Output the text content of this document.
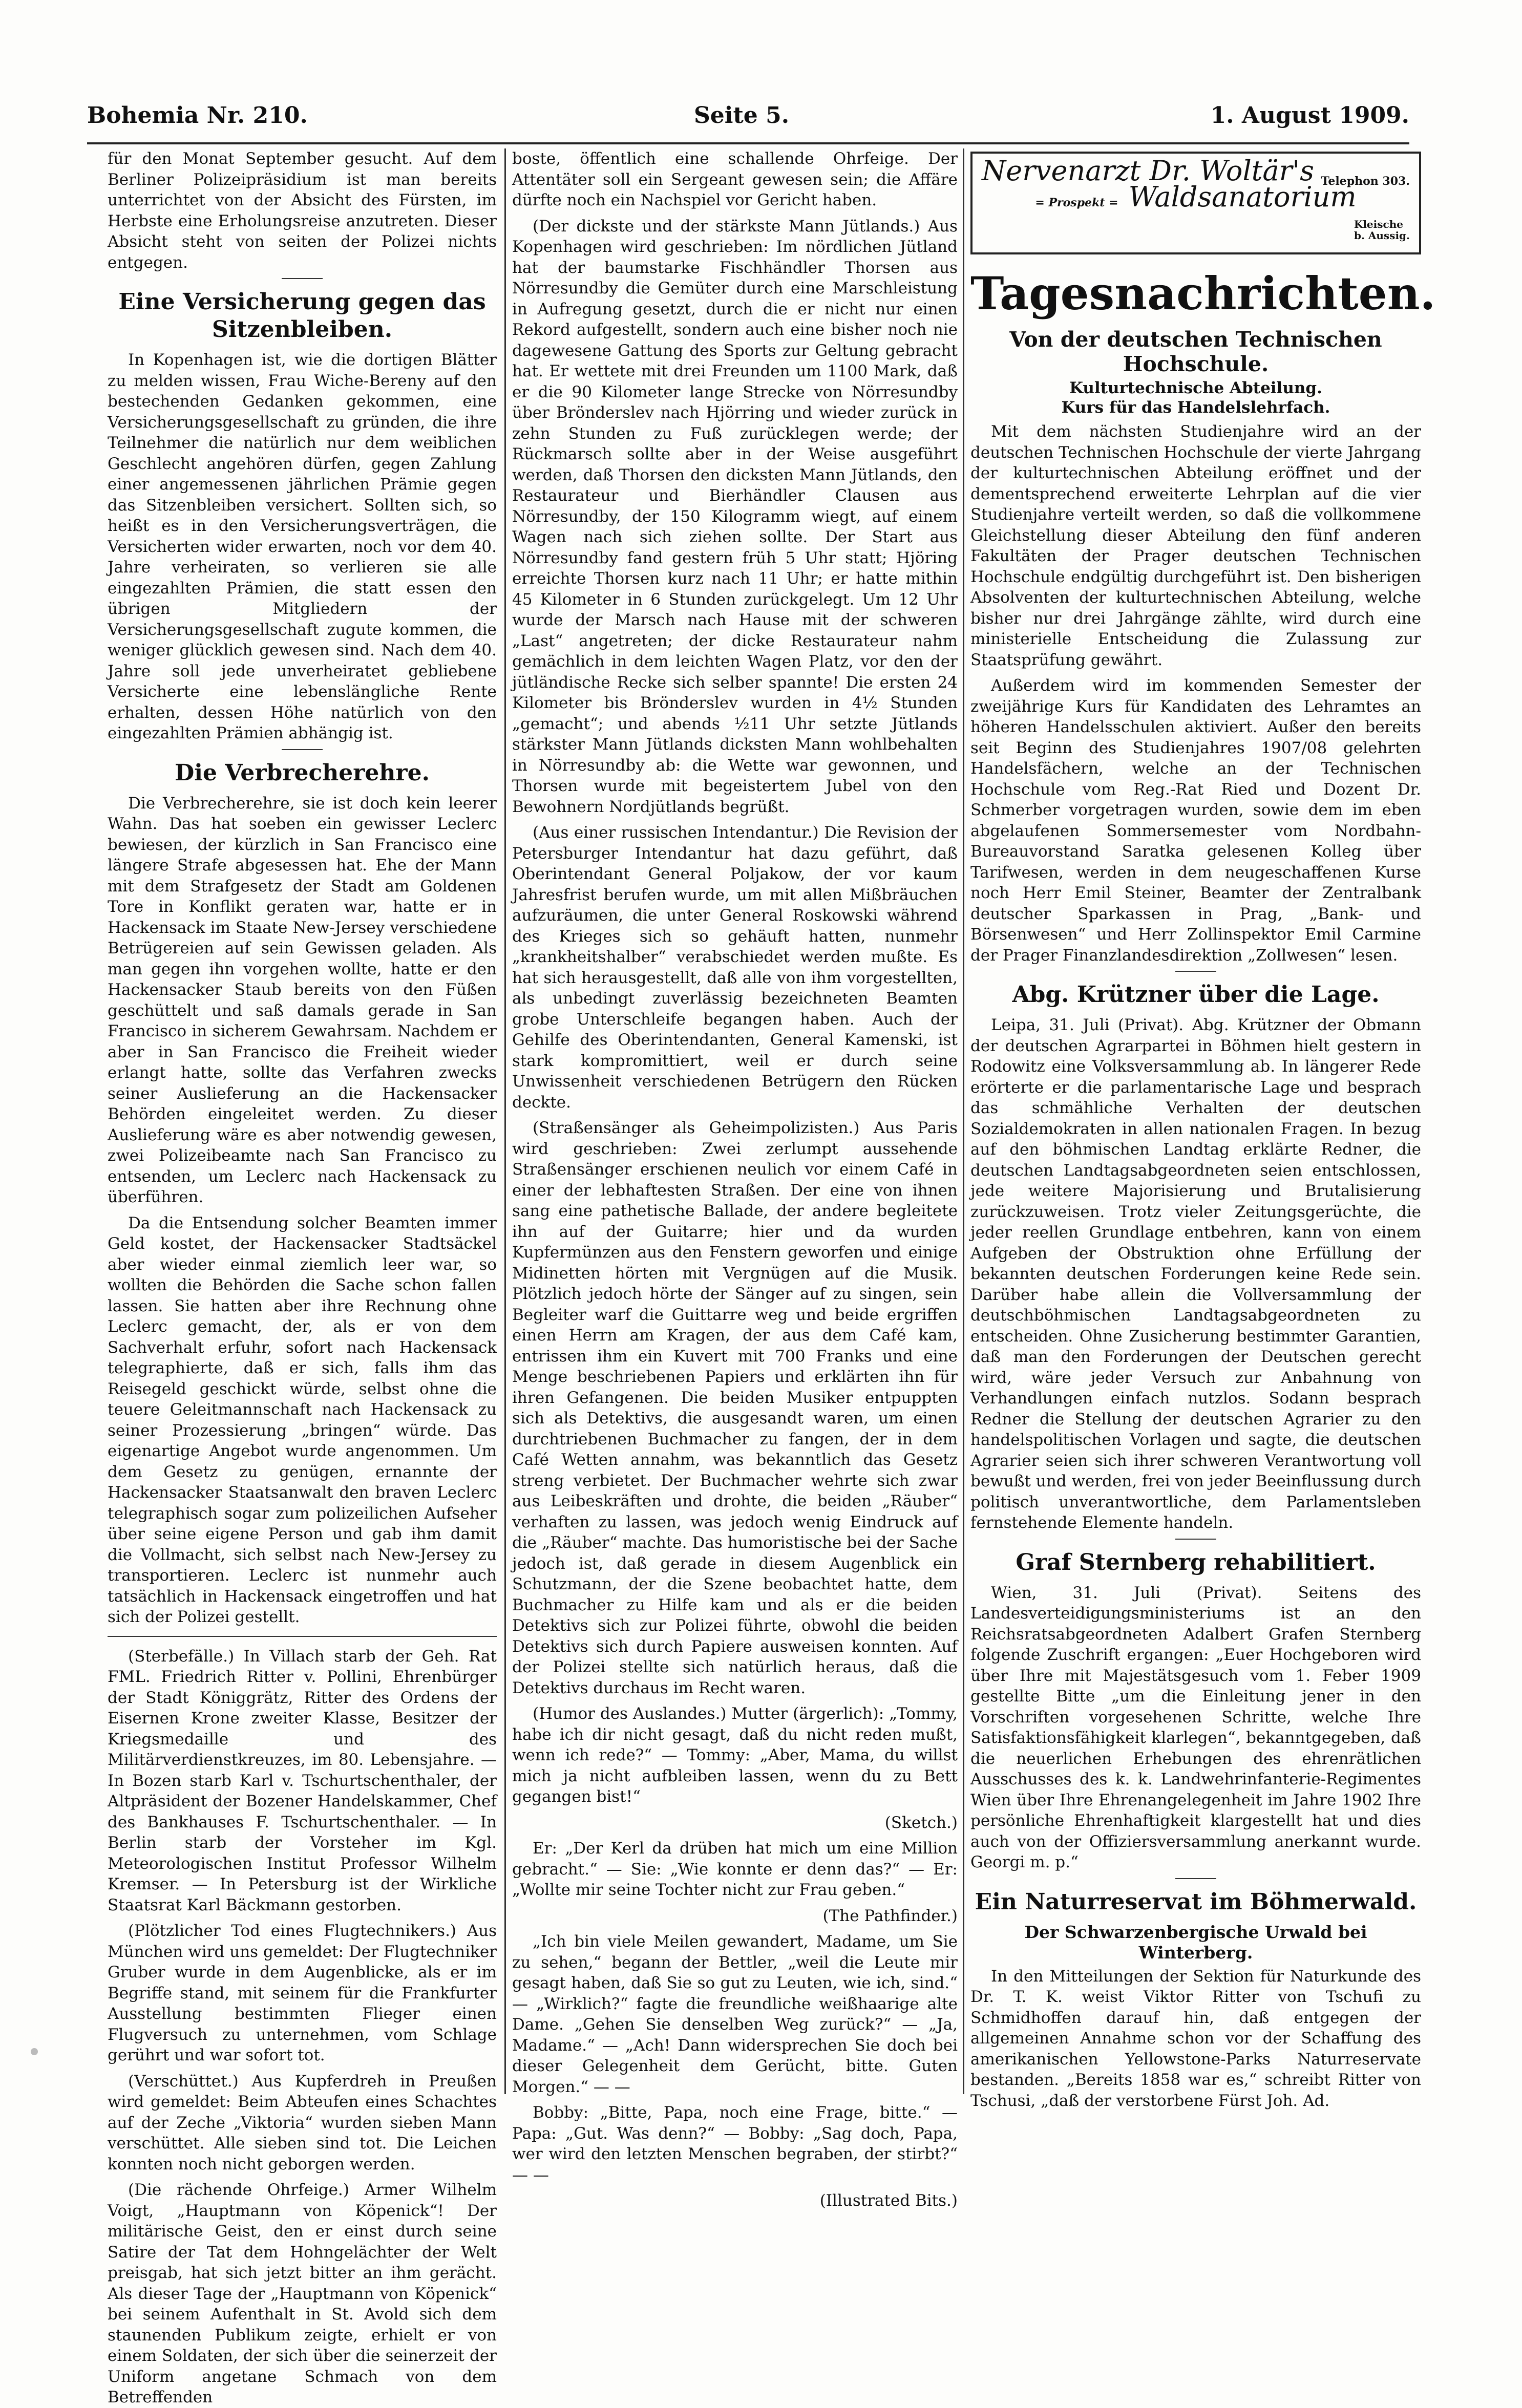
Bohemia Nr. 210.	Seite 5.	1. August 1909.

für den Monat September gesucht. Auf dem Berliner Polizeipräsidium ist man bereits unterrichtet von der Absicht des Fürsten, im Herbste eine Erholungsreise anzutreten. Dieser Absicht steht von seiten der Polizei nichts entgegen.

Eine Versicherung gegen das Sitzenbleiben.

In Kopenhagen ist, wie die dortigen Blätter zu melden wissen, Frau Wiche-Bereny auf den bestechenden Gedanken gekommen, eine Versicherungsgesellschaft zu gründen, die ihre Teilnehmer die natürlich nur dem weiblichen Geschlecht angehören dürfen, gegen Zahlung einer angemessenen jährlichen Prämie gegen das Sitzenbleiben versichert. Sollten sich, so heißt es in den Versicherungsverträgen, die Versicherten wider erwarten, noch vor dem 40. Jahre verheiraten, so verlieren sie alle eingezahlten Prämien, die statt essen den übrigen Mitgliedern der Versicherungsgesellschaft zugute kommen, die weniger glücklich gewesen sind. Nach dem 40. Jahre soll jede unverheiratet gebliebene Versicherte eine lebenslängliche Rente erhalten, dessen Höhe natürlich von den eingezahlten Prämien abhängig ist.

Die Verbrecherehre.

Die Verbrecherehre, sie ist doch kein leerer Wahn. Das hat soeben ein gewisser Leclerc bewiesen, der kürzlich in San Francisco eine längere Strafe abgesessen hat. Ehe der Mann mit dem Strafgesetz der Stadt am Goldenen Tore in Konflikt geraten war, hatte er in Hackensack im Staate New-Jersey verschiedene Betrügereien auf sein Gewissen geladen. Als man gegen ihn vorgehen wollte, hatte er den Hackensacker Staub bereits von den Füßen geschüttelt und saß damals gerade in San Francisco in sicherem Gewahrsam. Nachdem er aber in San Francisco die Freiheit wieder erlangt hatte, sollte das Verfahren zwecks seiner Auslieferung an die Hackensacker Behörden eingeleitet werden. Zu dieser Auslieferung wäre es aber notwendig gewesen, zwei Polizeibeamte nach San Francisco zu entsenden, um Leclerc nach Hackensack zu überführen.

Da die Entsendung solcher Beamten immer Geld kostet, der Hackensacker Stadtsäckel aber wieder einmal ziemlich leer war, so wollten die Behörden die Sache schon fallen lassen. Sie hatten aber ihre Rechnung ohne Leclerc gemacht, der, als er von dem Sachverhalt erfuhr, sofort nach Hackensack telegraphierte, daß er sich, falls ihm das Reisegeld geschickt würde, selbst ohne die teuere Geleitmannschaft nach Hackensack zu seiner Prozessierung „bringen“ würde. Das eigenartige Angebot wurde angenommen. Um dem Gesetz zu genügen, ernannte der Hackensacker Staatsanwalt den braven Leclerc telegraphisch sogar zum polizeilichen Aufseher über seine eigene Person und gab ihm damit die Vollmacht, sich selbst nach New-Jersey zu transportieren. Leclerc ist nunmehr auch tatsächlich in Hackensack eingetroffen und hat sich der Polizei gestellt.

(Sterbefälle.) In Villach starb der Geh. Rat FML. Friedrich Ritter v. Pollini, Ehrenbürger der Stadt Königgrätz, Ritter des Ordens der Eisernen Krone zweiter Klasse, Besitzer der Kriegsmedaille und des Militärverdienstkreuzes, im 80. Lebensjahre. — In Bozen starb Karl v. Tschurtschenthaler, der Altpräsident der Bozener Handelskammer, Chef des Bankhauses F. Tschurtschenthaler. — In Berlin starb der Vorsteher im Kgl. Meteorologischen Institut Professor Wilhelm Kremser. — In Petersburg ist der Wirkliche Staatsrat Karl Bäckmann gestorben.

(Plötzlicher Tod eines Flugtechnikers.) Aus München wird uns gemeldet: Der Flugtechniker Gruber wurde in dem Augenblicke, als er im Begriffe stand, mit seinem für die Frankfurter Ausstellung bestimmten Flieger einen Flugversuch zu unternehmen, vom Schlage gerührt und war sofort tot.

(Verschüttet.) Aus Kupferdreh in Preußen wird gemeldet: Beim Abteufen eines Schachtes auf der Zeche „Viktoria“ wurden sieben Mann verschüttet. Alle sieben sind tot. Die Leichen konnten noch nicht geborgen werden.

(Die rächende Ohrfeige.) Armer Wilhelm Voigt, „Hauptmann von Köpenick“! Der militärische Geist, den er einst durch seine Satire der Tat dem Hohngelächter der Welt preisgab, hat sich jetzt bitter an ihm gerächt. Als dieser Tage der „Hauptmann von Köpenick“ bei seinem Aufenthalt in St. Avold sich dem staunenden Publikum zeigte, erhielt er von einem Soldaten, der sich über die seinerzeit der Uniform angetane Schmach von dem Betreffenden

boste, öffentlich eine schallende Ohrfeige. Der Attentäter soll ein Sergeant gewesen sein; die Affäre dürfte noch ein Nachspiel vor Gericht haben.

(Der dickste und der stärkste Mann Jütlands.) Aus Kopenhagen wird geschrieben: Im nördlichen Jütland hat der baumstarke Fischhändler Thorsen aus Nörresundby die Gemüter durch eine Marschleistung in Aufregung gesetzt, durch die er nicht nur einen Rekord aufgestellt, sondern auch eine bisher noch nie dagewesene Gattung des Sports zur Geltung gebracht hat. Er wettete mit drei Freunden um 1100 Mark, daß er die 90 Kilometer lange Strecke von Nörresundby über Brönderslev nach Hjörring und wieder zurück in zehn Stunden zu Fuß zurücklegen werde; der Rückmarsch sollte aber in der Weise ausgeführt werden, daß Thorsen den dicksten Mann Jütlands, den Restaurateur und Bierhändler Clausen aus Nörresundby, der 150 Kilogramm wiegt, auf einem Wagen nach sich ziehen sollte. Der Start aus Nörresundby fand gestern früh 5 Uhr statt; Hjöring erreichte Thorsen kurz nach 11 Uhr; er hatte mithin 45 Kilometer in 6 Stunden zurückgelegt. Um 12 Uhr wurde der Marsch nach Hause mit der schweren „Last“ angetreten; der dicke Restaurateur nahm gemächlich in dem leichten Wagen Platz, vor den der jütländische Recke sich selber spannte! Die ersten 24 Kilometer bis Brönderslev wurden in 4½ Stunden „gemacht“; und abends ½11 Uhr setzte Jütlands stärkster Mann Jütlands dicksten Mann wohlbehalten in Nörresundby ab: die Wette war gewonnen, und Thorsen wurde mit begeistertem Jubel von den Bewohnern Nordjütlands begrüßt.

(Aus einer russischen Intendantur.) Die Revision der Petersburger Intendantur hat dazu geführt, daß Oberintendant General Poljakow, der vor kaum Jahresfrist berufen wurde, um mit allen Mißbräuchen aufzuräumen, die unter General Roskowski während des Krieges sich so gehäuft hatten, nunmehr „krankheitshalber“ verabschiedet werden mußte. Es hat sich herausgestellt, daß alle von ihm vorgestellten, als unbedingt zuverlässig bezeichneten Beamten grobe Unterschleife begangen haben. Auch der Gehilfe des Oberintendanten, General Kamenski, ist stark kompromittiert, weil er durch seine Unwissenheit verschiedenen Betrügern den Rücken deckte.

(Straßensänger als Geheimpolizisten.) Aus Paris wird geschrieben: Zwei zerlumpt aussehende Straßensänger erschienen neulich vor einem Café in einer der lebhaftesten Straßen. Der eine von ihnen sang eine pathetische Ballade, der andere begleitete ihn auf der Guitarre; hier und da wurden Kupfermünzen aus den Fenstern geworfen und einige Midinetten hörten mit Vergnügen auf die Musik. Plötzlich jedoch hörte der Sänger auf zu singen, sein Begleiter warf die Guittarre weg und beide ergriffen einen Herrn am Kragen, der aus dem Café kam, entrissen ihm ein Kuvert mit 700 Franks und eine Menge beschriebenen Papiers und erklärten ihn für ihren Gefangenen. Die beiden Musiker entpuppten sich als Detektivs, die ausgesandt waren, um einen durchtriebenen Buchmacher zu fangen, der in dem Café Wetten annahm, was bekanntlich das Gesetz streng verbietet. Der Buchmacher wehrte sich zwar aus Leibeskräften und drohte, die beiden „Räuber“ verhaften zu lassen, was jedoch wenig Eindruck auf die „Räuber“ machte. Das humoristische bei der Sache jedoch ist, daß gerade in diesem Augenblick ein Schutzmann, der die Szene beobachtet hatte, dem Buchmacher zu Hilfe kam und als er die beiden Detektivs sich zur Polizei führte, obwohl die beiden Detektivs sich durch Papiere ausweisen konnten. Auf der Polizei stellte sich natürlich heraus, daß die Detektivs durchaus im Recht waren.

(Humor des Auslandes.) Mutter (ärgerlich): „Tommy, habe ich dir nicht gesagt, daß du nicht reden mußt, wenn ich rede?“ — Tommy: „Aber, Mama, du willst mich ja nicht aufbleiben lassen, wenn du zu Bett gegangen bist!“

(Sketch.)

Er: „Der Kerl da drüben hat mich um eine Million gebracht.“ — Sie: „Wie konnte er denn das?“ — Er: „Wollte mir seine Tochter nicht zur Frau geben.“

(The Pathfinder.)

„Ich bin viele Meilen gewandert, Madame, um Sie zu sehen,“ begann der Bettler, „weil die Leute mir gesagt haben, daß Sie so gut zu Leuten, wie ich, sind.“ — „Wirklich?“ fagte die freundliche weißhaarige alte Dame. „Gehen Sie denselben Weg zurück?“ — „Ja, Madame.“ — „Ach! Dann widersprechen Sie doch bei dieser Gelegenheit dem Gerücht, bitte. Guten Morgen.“ — —

Bobby: „Bitte, Papa, noch eine Frage, bitte.“ — Papa: „Gut. Was denn?“ — Bobby: „Sag doch, Papa, wer wird den letzten Menschen begraben, der stirbt?“ — —

(Illustrated Bits.)

Nervenarzt Dr. Woltär's Telephon 303.
= Prospekt = Waldsanatorium
Kleische
b. Aussig.
Tagesnachrichten.
Von der deutschen Technischen Hochschule.
Kulturtechnische Abteilung.
Kurs für das Handelslehrfach.

Mit dem nächsten Studienjahre wird an der deutschen Technischen Hochschule der vierte Jahrgang der kulturtechnischen Abteilung eröffnet und der dementsprechend erweiterte Lehrplan auf die vier Studienjahre verteilt werden, so daß die vollkommene Gleichstellung dieser Abteilung den fünf anderen Fakultäten der Prager deutschen Technischen Hochschule endgültig durchgeführt ist. Den bisherigen Absolventen der kulturtechnischen Abteilung, welche bisher nur drei Jahrgänge zählte, wird durch eine ministerielle Entscheidung die Zulassung zur Staatsprüfung gewährt.

Außerdem wird im kommenden Semester der zweijährige Kurs für Kandidaten des Lehramtes an höheren Handelsschulen aktiviert. Außer den bereits seit Beginn des Studienjahres 1907/08 gelehrten Handelsfächern, welche an der Technischen Hochschule vom Reg.-Rat Ried und Dozent Dr. Schmerber vorgetragen wurden, sowie dem im eben abgelaufenen Sommersemester vom Nordbahn-Bureauvorstand Saratka gelesenen Kolleg über Tarifwesen, werden in dem neugeschaffenen Kurse noch Herr Emil Steiner, Beamter der Zentralbank deutscher Sparkassen in Prag, „Bank- und Börsenwesen“ und Herr Zollinspektor Emil Carmine der Prager Finanzlandesdirektion „Zollwesen“ lesen.

Abg. Krützner über die Lage.

Leipa, 31. Juli (Privat). Abg. Krützner der Obmann der deutschen Agrarpartei in Böhmen hielt gestern in Rodowitz eine Volksversammlung ab. In längerer Rede erörterte er die parlamentarische Lage und besprach das schmähliche Verhalten der deutschen Sozialdemokraten in allen nationalen Fragen. In bezug auf den böhmischen Landtag erklärte Redner, die deutschen Landtagsabgeordneten seien entschlossen, jede weitere Majorisierung und Brutalisierung zurückzuweisen. Trotz vieler Zeitungsgerüchte, die jeder reellen Grundlage entbehren, kann von einem Aufgeben der Obstruktion ohne Erfüllung der bekannten deutschen Forderungen keine Rede sein. Darüber habe allein die Vollversammlung der deutschböhmischen Landtagsabgeordneten zu entscheiden. Ohne Zusicherung bestimmter Garantien, daß man den Forderungen der Deutschen gerecht wird, wäre jeder Versuch zur Anbahnung von Verhandlungen einfach nutzlos. Sodann besprach Redner die Stellung der deutschen Agrarier zu den handelspolitischen Vorlagen und sagte, die deutschen Agrarier seien sich ihrer schweren Verantwortung voll bewußt und werden, frei von jeder Beeinflussung durch politisch unverantwortliche, dem Parlamentsleben fernstehende Elemente handeln.

Graf Sternberg rehabilitiert.

Wien, 31. Juli (Privat). Seitens des Landesverteidigungsministeriums ist an den Reichsratsabgeordneten Adalbert Grafen Sternberg folgende Zuschrift ergangen: „Euer Hochgeboren wird über Ihre mit Majestätsgesuch vom 1. Feber 1909 gestellte Bitte „um die Einleitung jener in den Vorschriften vorgesehenen Schritte, welche Ihre Satisfaktionsfähigkeit klarlegen“, bekanntgegeben, daß die neuerlichen Erhebungen des ehrenrätlichen Ausschusses des k. k. Landwehrinfanterie-Regimentes Wien über Ihre Ehrenangelegenheit im Jahre 1902 Ihre persönliche Ehrenhaftigkeit klargestellt hat und dies auch von der Offiziersversammlung anerkannt wurde. Georgi m. p.“

Ein Naturreservat im Böhmerwald.
Der Schwarzenbergische Urwald bei Winterberg.

In den Mitteilungen der Sektion für Naturkunde des Dr. T. K. weist Viktor Ritter von Tschufi zu Schmidhoffen darauf hin, daß entgegen der allgemeinen Annahme schon vor der Schaffung des amerikanischen Yellowstone-Parks Naturreservate bestanden. „Bereits 1858 war es,“ schreibt Ritter von Tschusi, „daß der verstorbene Fürst Joh. Ad.
